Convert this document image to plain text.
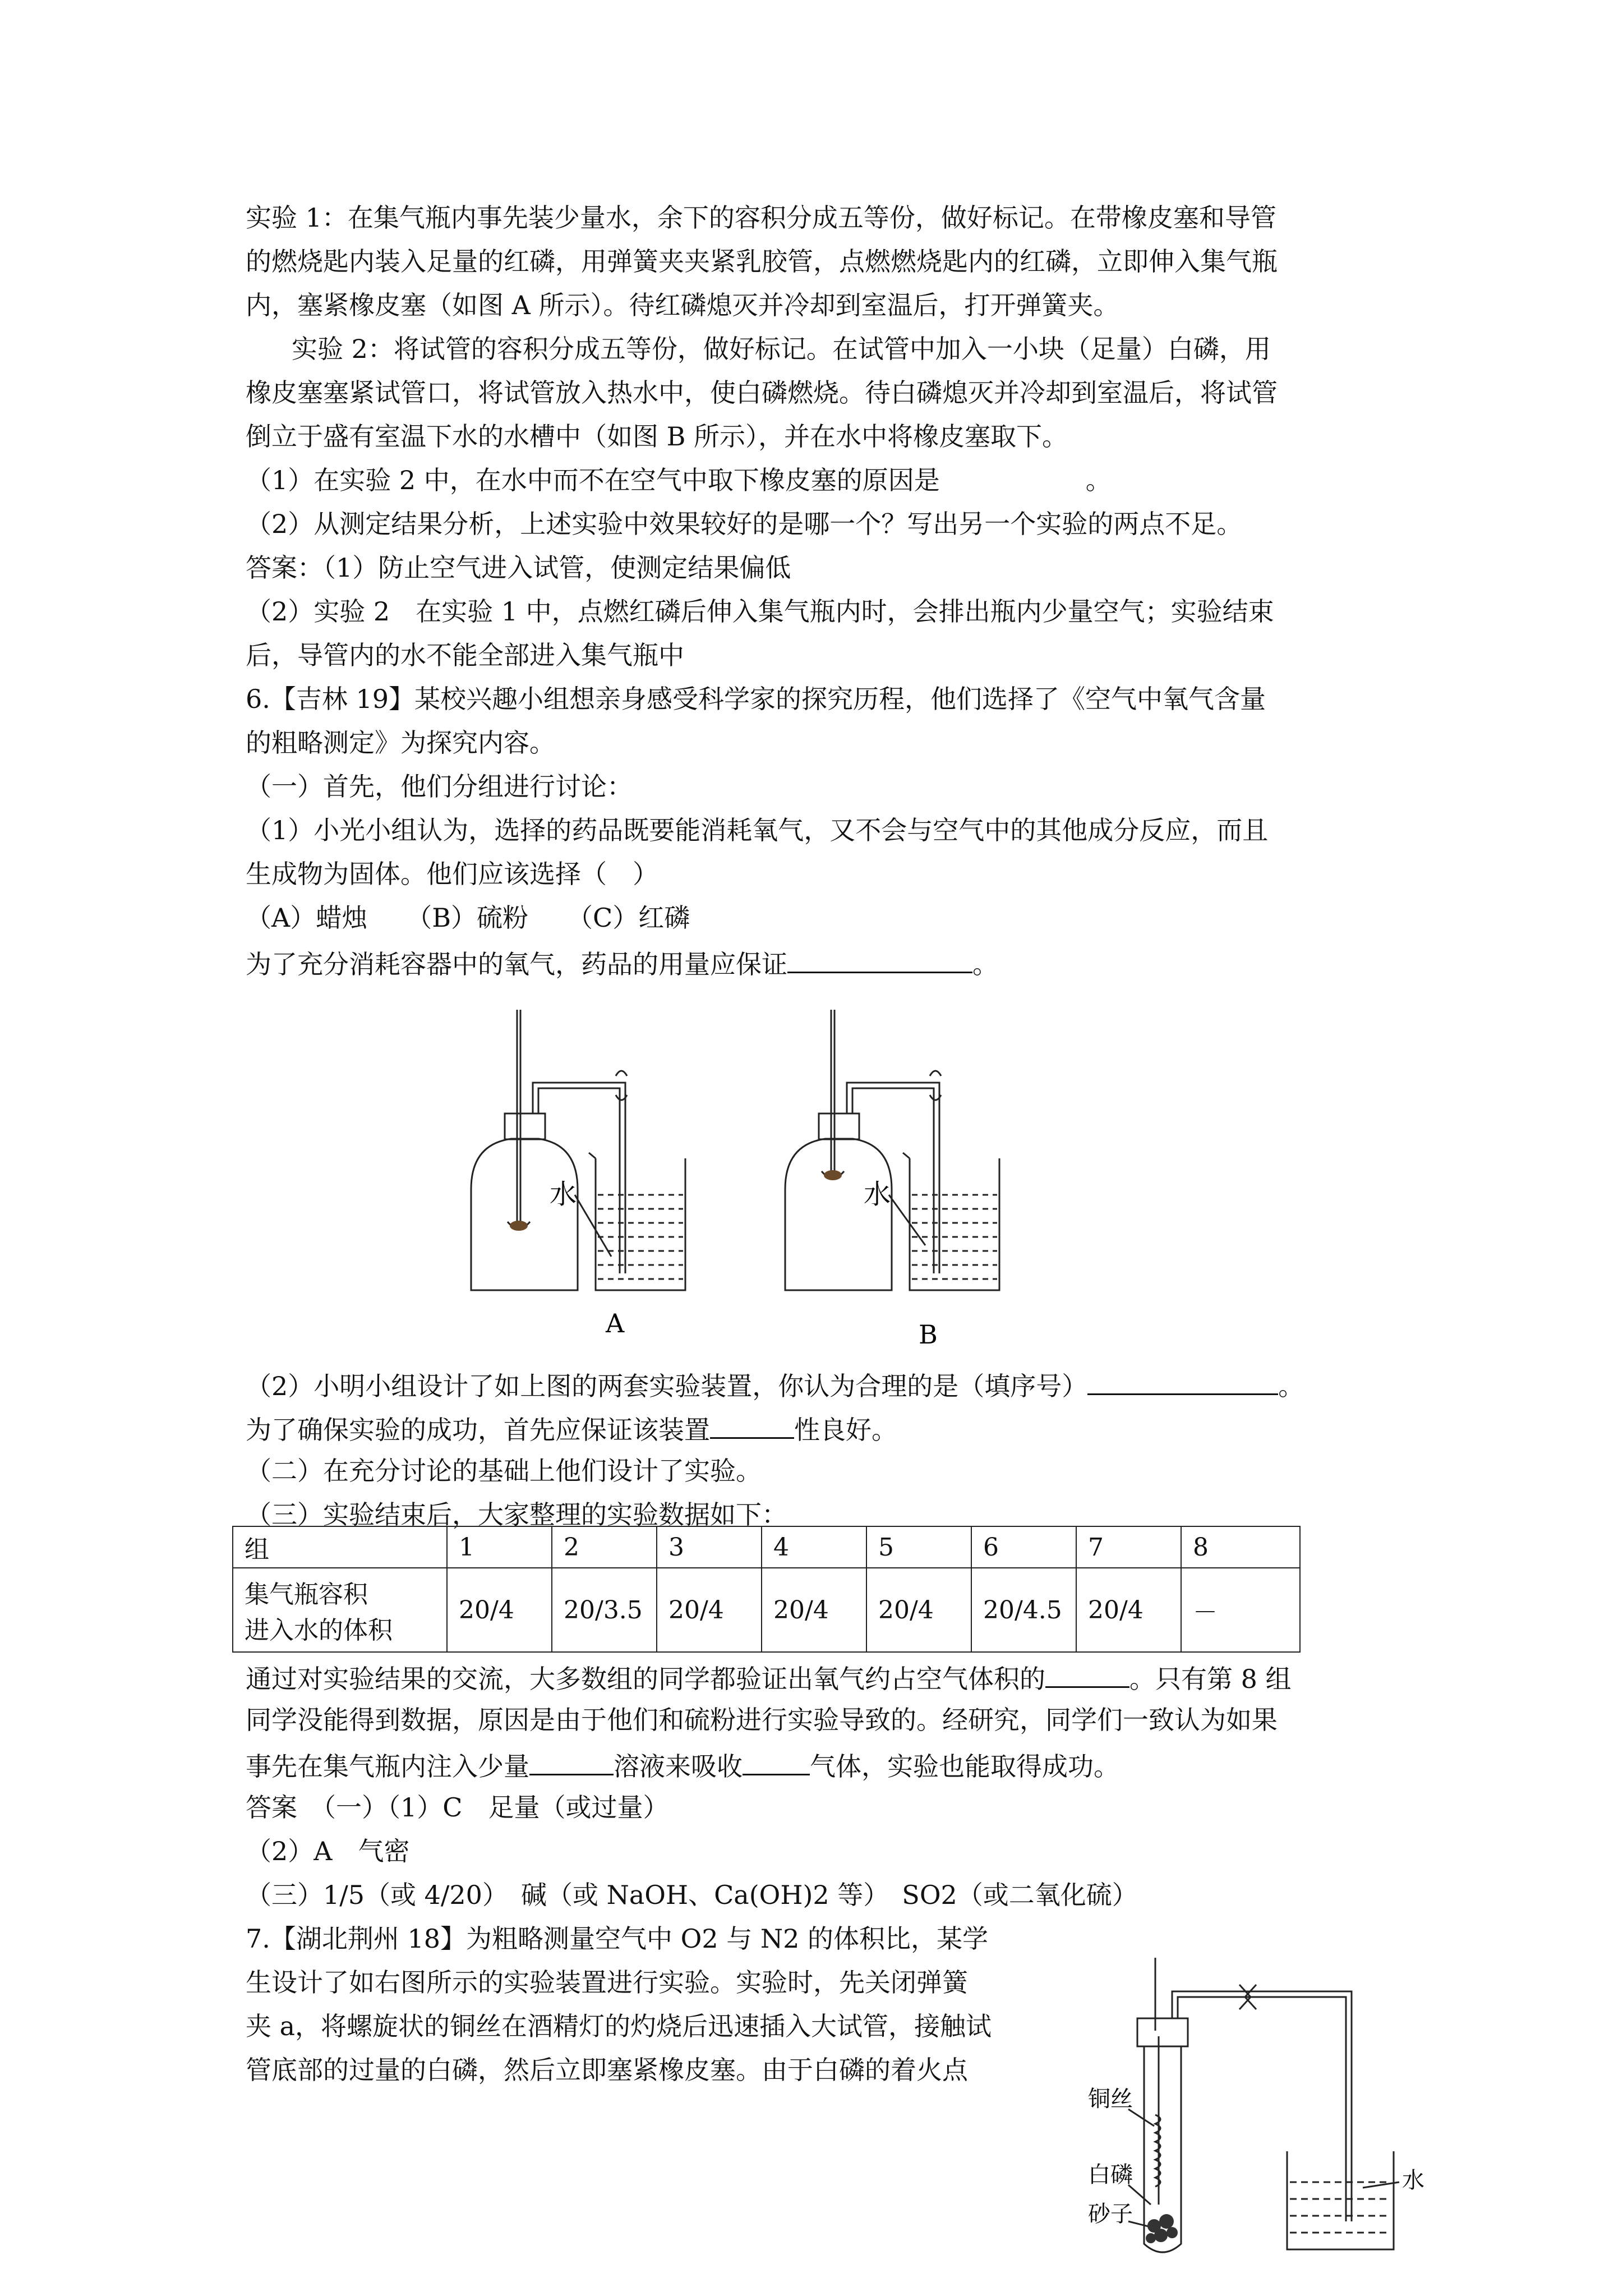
实验 1：在集气瓶内事先装少量水，余下的容积分成五等份，做好标记。在带橡皮塞和导管
的燃烧匙内装入足量的红磷，用弹簧夹夹紧乳胶管，点燃燃烧匙内的红磷，立即伸入集气瓶
内，塞紧橡皮塞（如图 A 所示）。待红磷熄灭并冷却到室温后，打开弹簧夹。
实验 2：将试管的容积分成五等份，做好标记。在试管中加入一小块（足量）白磷，用
橡皮塞塞紧试管口，将试管放入热水中，使白磷燃烧。待白磷熄灭并冷却到室温后，将试管
倒立于盛有室温下水的水槽中（如图 B 所示），并在水中将橡皮塞取下。
（1）在实验 2 中，在水中而不在空气中取下橡皮塞的原因是	。
（2）从测定结果分析，上述实验中效果较好的是哪一个？写出另一个实验的两点不足。
答案：（1）防止空气进入试管，使测定结果偏低
（2）实验 2　在实验 1 中，点燃红磷后伸入集气瓶内时，会排出瓶内少量空气；实验结束
后，导管内的水不能全部进入集气瓶中
6.【吉林 19】某校兴趣小组想亲身感受科学家的探究历程，他们选择了《空气中氧气含量
的粗略测定》为探究内容。
（一）首先，他们分组进行讨论：
（1）小光小组认为，选择的药品既要能消耗氧气，又不会与空气中的其他成分反应，而且
生成物为固体。他们应该选择（　）
（A）蜡烛　　（B）硫粉　　（C）红磷
为了充分消耗容器中的氧气，药品的用量应保证	。
水	水
A	B
（2）小明小组设计了如上图的两套实验装置，你认为合理的是（填序号）	。
为了确保实验的成功，首先应保证该装置	性良好。
（二）在充分讨论的基础上他们设计了实验。
（三）实验结束后，大家整理的实验数据如下：
组	1	2	3	4	5	6	7	8
集气瓶容积
进入水的体积	20/4	20/3.5	20/4	20/4	20/4	20/4.5	20/4	－
通过对实验结果的交流，大多数组的同学都验证出氧气约占空气体积的	。只有第 8 组
同学没能得到数据，原因是由于他们和硫粉进行实验导致的。经研究，同学们一致认为如果
事先在集气瓶内注入少量	溶液来吸收	气体，实验也能取得成功。
答案　（一）（1）C　足量（或过量）
（2）A　气密
（三）1/5（或 4/20）　碱（或 NaOH、Ca(OH)2 等）　SO2（或二氧化硫）
7.【湖北荆州 18】为粗略测量空气中 O2 与 N2 的体积比，某学
生设计了如右图所示的实验装置进行实验。实验时，先关闭弹簧
夹 a，将螺旋状的铜丝在酒精灯的灼烧后迅速插入大试管，接触试
管底部的过量的白磷，然后立即塞紧橡皮塞。由于白磷的着火点
铜丝
白磷
砂子
水
